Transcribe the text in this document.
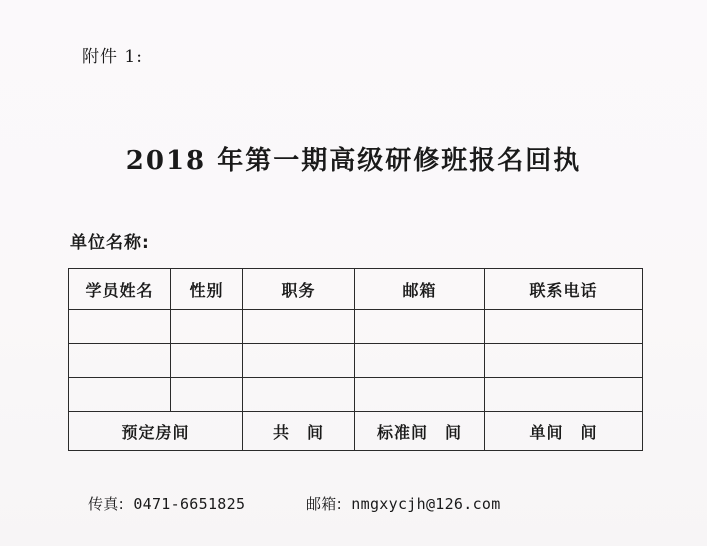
附件 1:
2018 年第一期高级研修班报名回执
单位名称:
学员姓名	性别	职务	邮箱	联系电话

预定房间		共　间	标准间　间	单间　间
传真: 0471-6651825	邮箱: nmgxycjh@126.com
